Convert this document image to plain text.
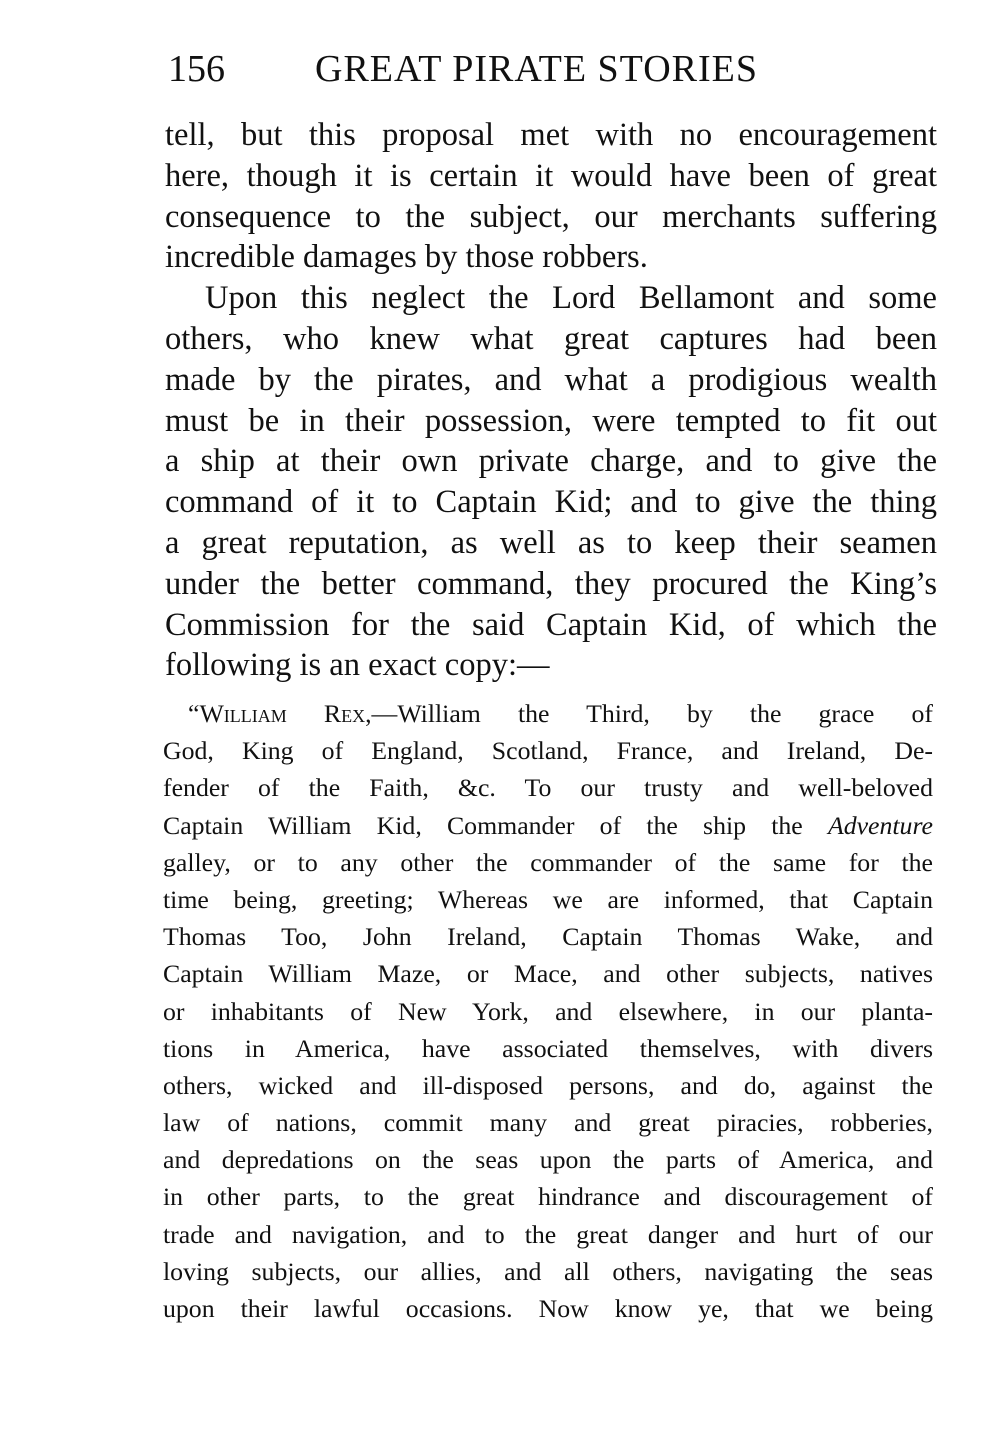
156 GREAT PIRATE STORIES
tell, but this proposal met with no encouragement
here, though it is certain it would have been of great
consequence to the subject, our merchants suffering
incredible damages by those robbers.
Upon this neglect the Lord Bellamont and some
others, who knew what great captures had been
made by the pirates, and what a prodigious wealth
must be in their possession, were tempted to fit out
a ship at their own private charge, and to give the
command of it to Captain Kid; and to give the thing
a great reputation, as well as to keep their seamen
under the better command, they procured the King’s
Commission for the said Captain Kid, of which the
following is an exact copy:—
“William Rex,—William the Third, by the grace of
God, King of England, Scotland, France, and Ireland, De-
fender of the Faith, &c. To our trusty and well-beloved
Captain William Kid, Commander of the ship the Adventure
galley, or to any other the commander of the same for the
time being, greeting; Whereas we are informed, that Captain
Thomas Too, John Ireland, Captain Thomas Wake, and
Captain William Maze, or Mace, and other subjects, natives
or inhabitants of New York, and elsewhere, in our planta-
tions in America, have associated themselves, with divers
others, wicked and ill-disposed persons, and do, against the
law of nations, commit many and great piracies, robberies,
and depredations on the seas upon the parts of America, and
in other parts, to the great hindrance and discouragement of
trade and navigation, and to the great danger and hurt of our
loving subjects, our allies, and all others, navigating the seas
upon their lawful occasions. Now know ye, that we being
